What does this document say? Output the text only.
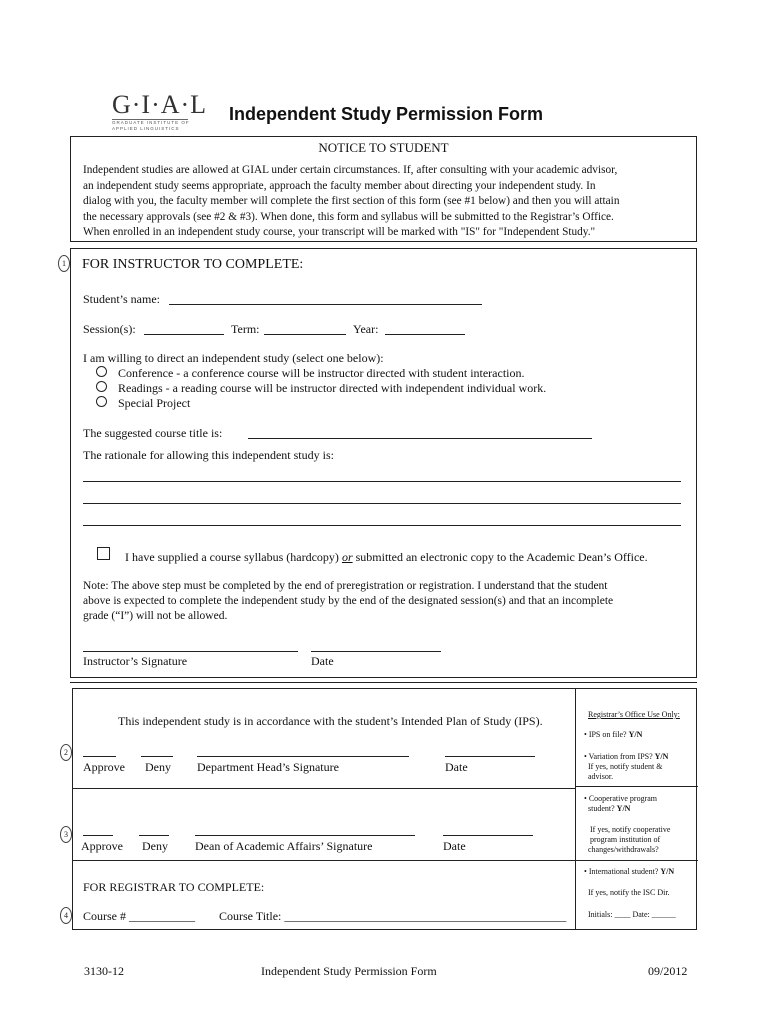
G·I·A·L
GRADUATE INSTITUTE OF
APPLIED LINGUISTICS
Independent Study Permission Form
NOTICE TO STUDENT
Independent studies are allowed at GIAL under certain circumstances. If, after consulting with your academic advisor,
an independent study seems appropriate, approach the faculty member about directing your independent study. In
dialog with you, the faculty member will complete the first section of this form (see #1 below) and then you will attain
the necessary approvals (see #2 & #3). When done, this form and syllabus will be submitted to the Registrar’s Office.
When enrolled in an independent study course, your transcript will be marked with "IS" for "Independent Study."
1 FOR INSTRUCTOR TO COMPLETE:
Student’s name:
Session(s):	Term:	Year:
I am willing to direct an independent study (select one below):
Conference - a conference course will be instructor directed with student interaction.
Readings - a reading course will be instructor directed with independent individual work.
Special Project
The suggested course title is:
The rationale for allowing this independent study is:
I have supplied a course syllabus (hardcopy) or submitted an electronic copy to the Academic Dean’s Office.
Note: The above step must be completed by the end of preregistration or registration. I understand that the student
above is expected to complete the independent study by the end of the designated session(s) and that an incomplete
grade (“I”) will not be allowed.
Instructor’s Signature	Date
Registrar’s Office Use Only:
• IPS on file? Y/N
• Variation from IPS? Y/N
If yes, notify student &
advisor.
• Cooperative program
student? Y/N
If yes, notify cooperative
program institution of
changes/withdrawals?
• International student? Y/N
If yes, notify the ISC Dir.
Initials: ____ Date: ______
This independent study is in accordance with the student’s Intended Plan of Study (IPS).
Approve Deny Department Head’s Signature	Date
Approve Deny Dean of Academic Affairs’ Signature	Date
FOR REGISTRAR TO COMPLETE:
Course # ___________ Course Title: _______________________________________________
2
3
4
3130-12	Independent Study Permission Form	09/2012
